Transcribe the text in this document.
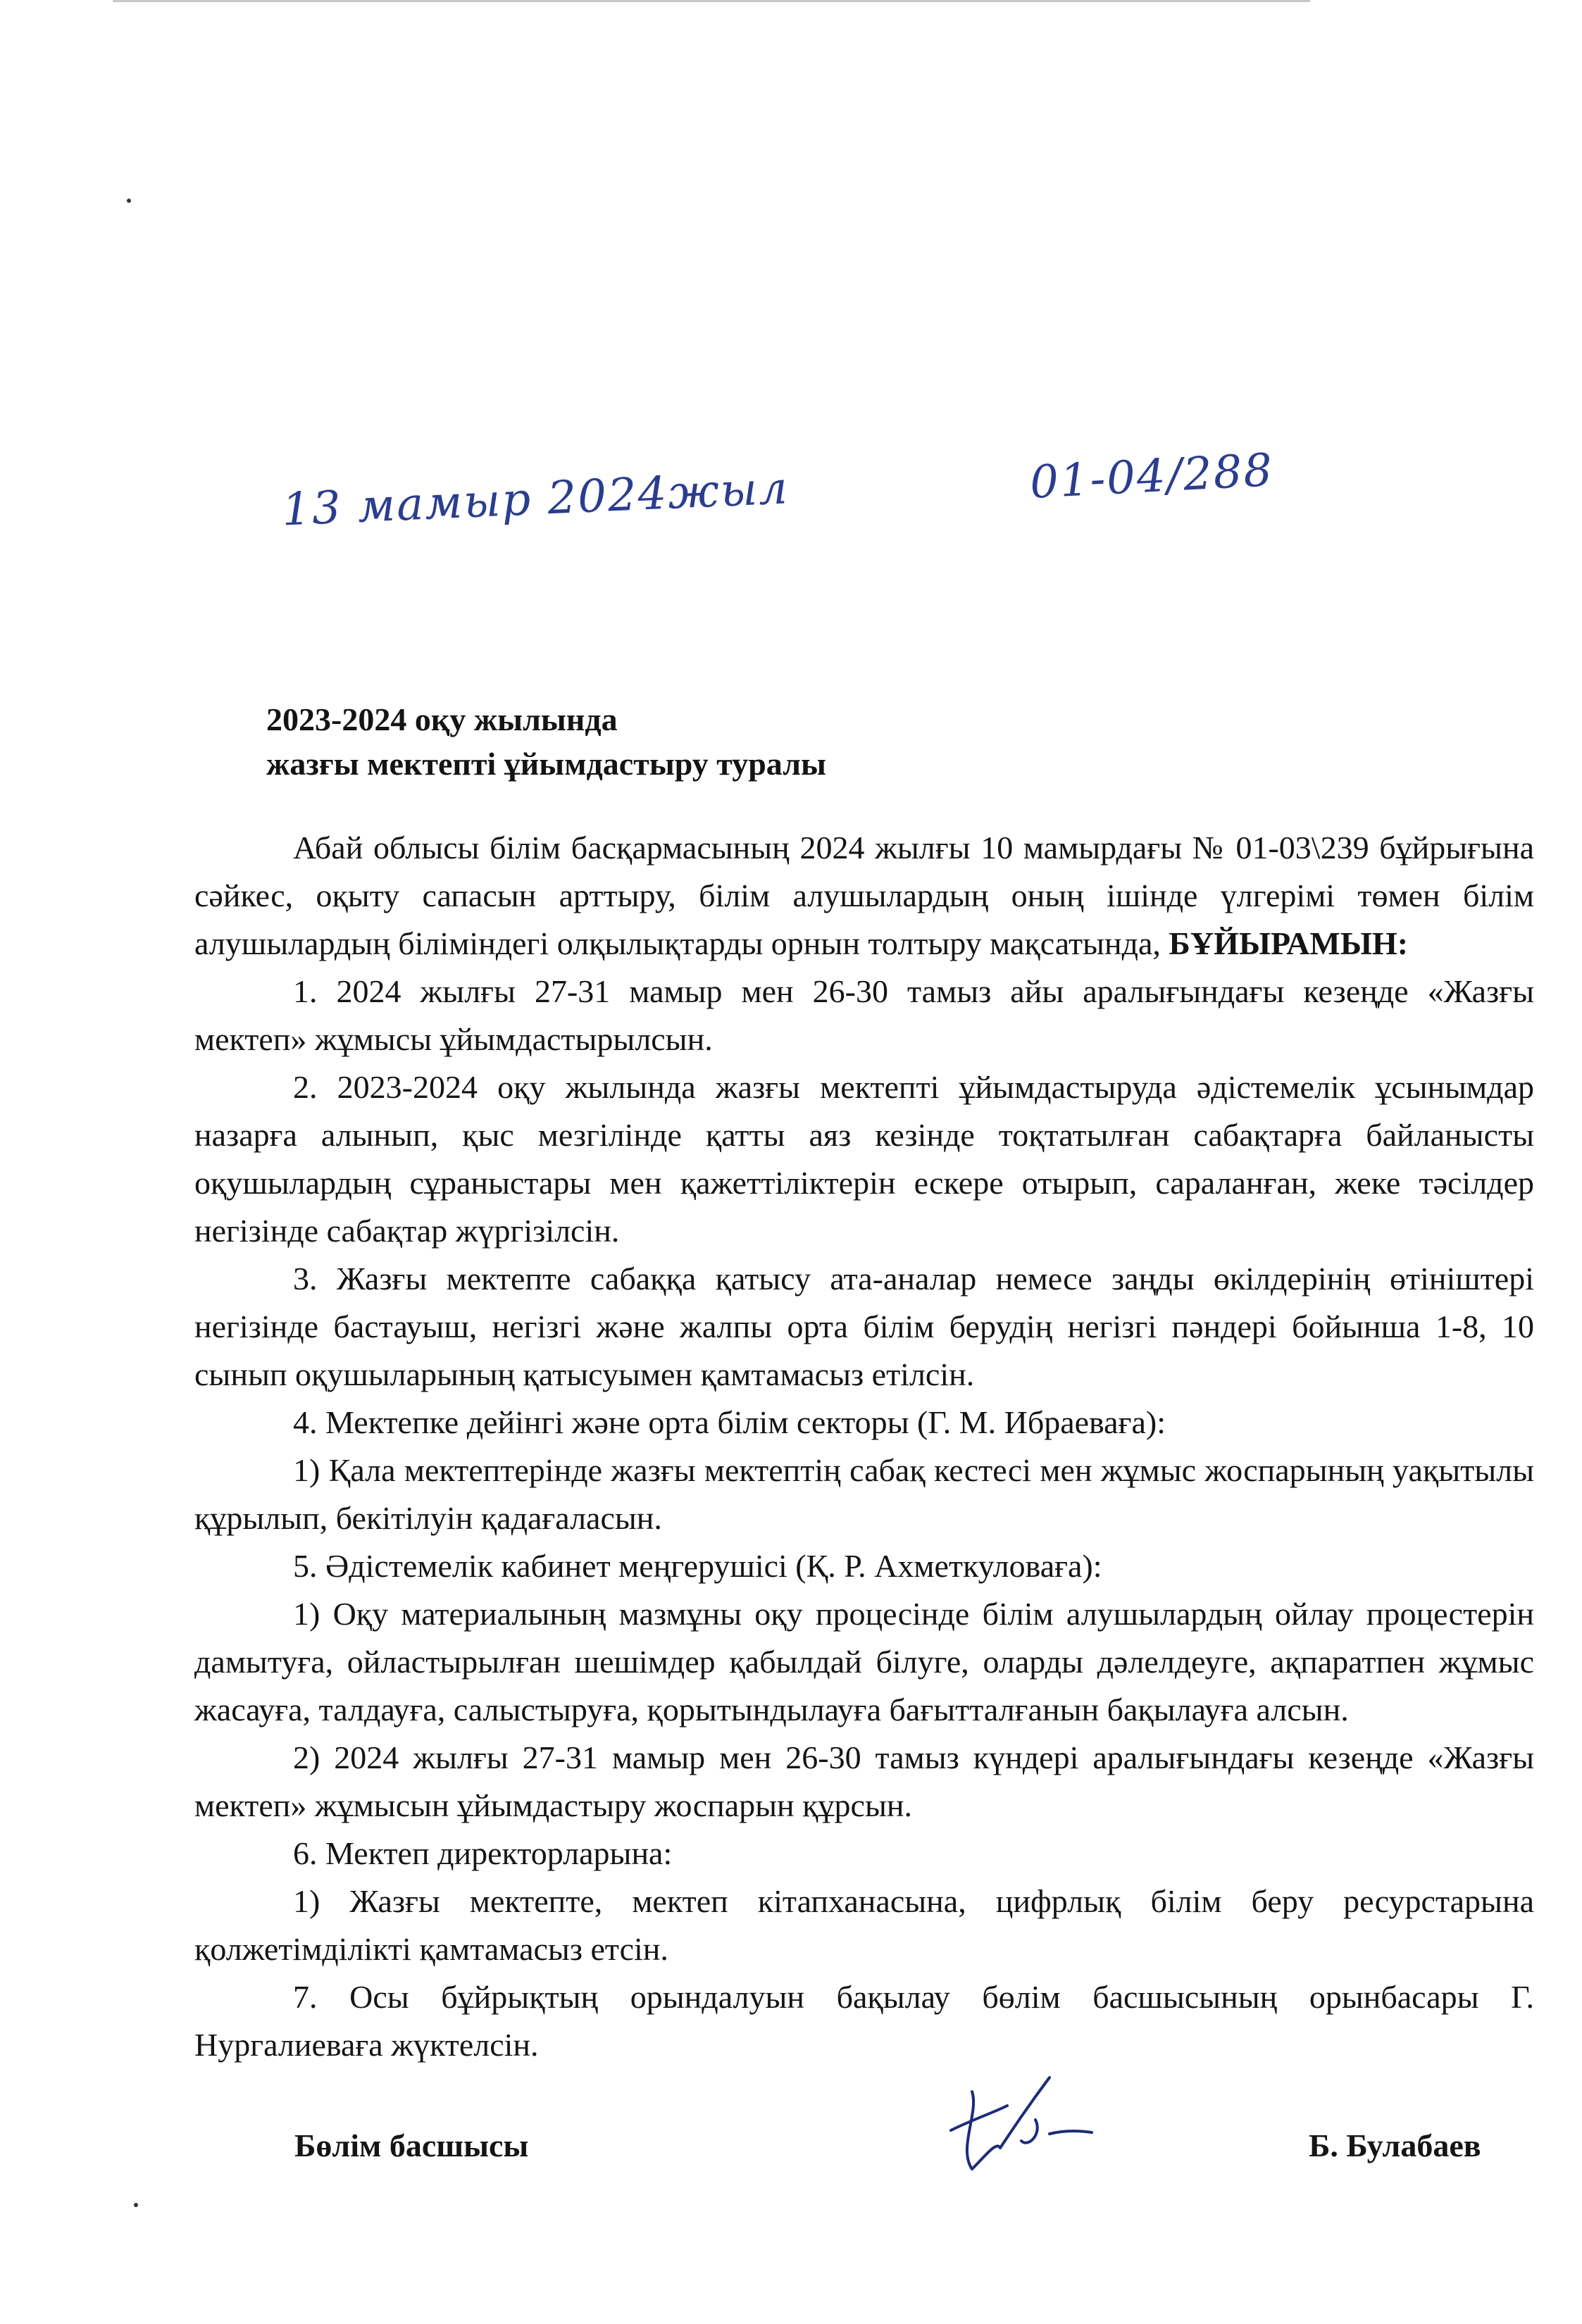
13 мамыр 2024жыл	01-04/288
2023-2024 оқу жылында
жазғы мектепті ұйымдастыру туралы

Абай облысы білім басқармасының 2024 жылғы 10 мамырдағы № 01-03\239 бұйрығына сәйкес, оқыту сапасын арттыру, білім алушылардың оның ішінде үлгерімі төмен білім алушылардың біліміндегі олқылықтарды орнын толтыру мақсатында, БҰЙЫРАМЫН:

1. 2024 жылғы 27-31 мамыр мен 26-30 тамыз айы аралығындағы кезеңде «Жазғы мектеп» жұмысы ұйымдастырылсын.

2. 2023-2024 оқу жылында жазғы мектепті ұйымдастыруда әдістемелік ұсынымдар назарға алынып, қыс мезгілінде қатты аяз кезінде тоқтатылған сабақтарға байланысты оқушылардың сұраныстары мен қажеттіліктерін ескере отырып, сараланған, жеке тәсілдер негізінде сабақтар жүргізілсін.

3. Жазғы мектепте сабаққа қатысу ата-аналар немесе заңды өкілдерінің өтініштері негізінде бастауыш, негізгі және жалпы орта білім берудің негізгі пәндері бойынша 1-8, 10 сынып оқушыларының қатысуымен қамтамасыз етілсін.

4. Мектепке дейінгі және орта білім секторы (Г. М. Ибраеваға):

1) Қала мектептерінде жазғы мектептің сабақ кестесі мен жұмыс жоспарының уақытылы құрылып, бекітілуін қадағаласын.

5. Әдістемелік кабинет меңгерушісі (Қ. Р. Ахметкуловаға):

1) Оқу материалының мазмұны оқу процесінде білім алушылардың ойлау процестерін дамытуға, ойластырылған шешімдер қабылдай білуге, оларды дәлелдеуге, ақпаратпен жұмыс жасауға, талдауға, салыстыруға, қорытындылауға бағытталғанын бақылауға алсын.

2) 2024 жылғы 27-31 мамыр мен 26-30 тамыз күндері аралығындағы кезеңде «Жазғы мектеп» жұмысын ұйымдастыру жоспарын құрсын.

6. Мектеп директорларына:

1) Жазғы мектепте, мектеп кітапханасына, цифрлық білім беру ресурстарына қолжетімділікті қамтамасыз етсін.

7. Осы бұйрықтың орындалуын бақылау бөлім басшысының орынбасары Г. Нургалиеваға жүктелсін.

Бөлім басшысы	Б. Булабаев
